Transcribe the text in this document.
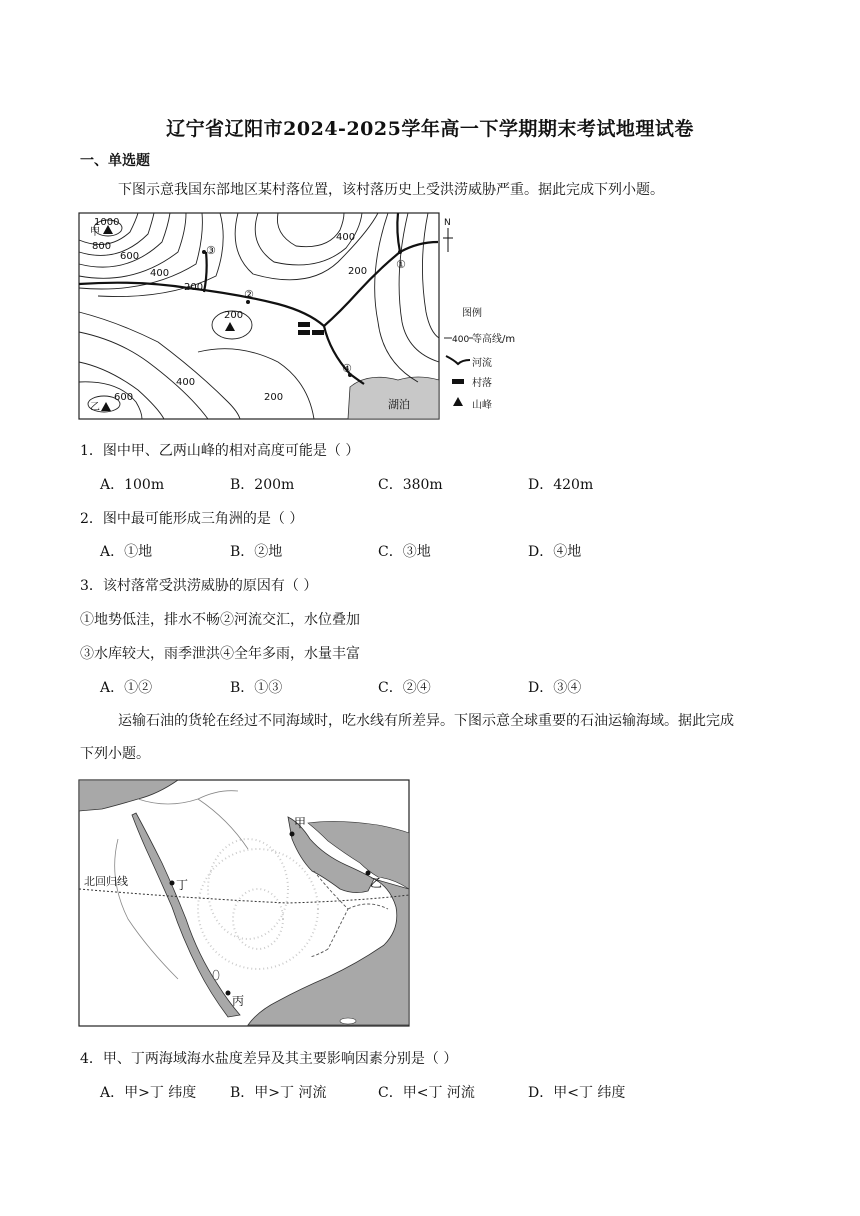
辽宁省辽阳市2024-2025学年高一下学期期末考试地理试卷
一、单选题
下图示意我国东部地区某村落位置，该村落历史上受洪涝威胁严重。据此完成下列小题。
1000
甲
800
600
400
200
400
200
200
400
200
600
乙
①
②
③
④
湖泊
N
图例
400 等高线/m
河流
村落
山峰
1．图中甲、乙两山峰的相对高度可能是（ ）
A．100m	B．200m	C．380m	D．420m
2．图中最可能形成三角洲的是（ ）
A．①地	B．②地	C．③地	D．④地
3．该村落常受洪涝威胁的原因有（ ）
①地势低洼，排水不畅②河流交汇，水位叠加
③水库较大，雨季泄洪④全年多雨，水量丰富
A．①②	B．①③	C．②④	D．③④
运输石油的货轮在经过不同海域时，吃水线有所差异。下图示意全球重要的石油运输海域。据此完成
下列小题。
北回归线
甲
乙
丁
丙
4．甲、丁两海域海水盐度差异及其主要影响因素分别是（ ）
A．甲>丁 纬度 B．甲>丁 河流	C．甲<丁 河流	D．甲<丁 纬度
